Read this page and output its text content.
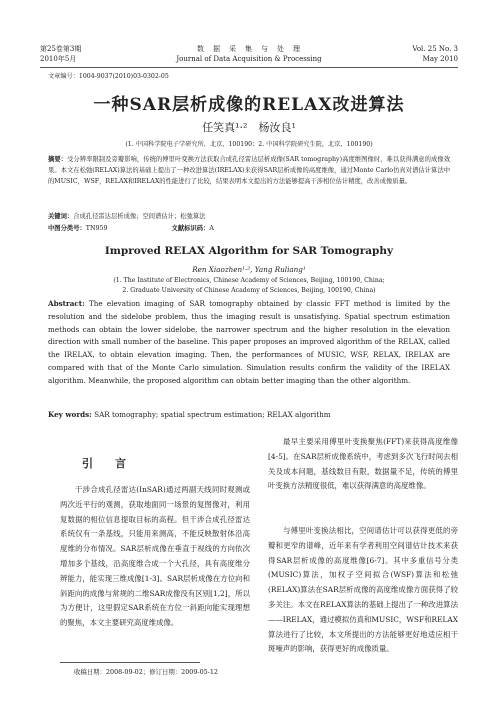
第25卷第3期
2010年5月
数　据　采　集　与　处　理
Journal of Data Acquisition & Processing
Vol. 25 No. 3
May 2010
文章编号：1004-9037(2010)03-0302-05
一种SAR层析成像的RELAX改进算法
任笑真¹·²　杨汝良¹
(1. 中国科学院电子学研究所，北京，100190；2. 中国科学院研究生院，北京，100190)
摘要：受分辨率限制及旁瓣影响，传统的傅里叶变换方法获取合成孔径雷达层析成像(SAR tomography)高度维图像时，难以获得满意的成像效果。本文在松弛(RELAX)算法的基础上提出了一种改进算法(IRELAX)来获得SAR层析成像的高度维像，通过Monte Carlo仿真对谱估计算法中的MUSIC，WSF，RELAX和IRELAX的性能进行了比较，结果表明本文提出的方法能够提高干涉相位估计精度，改善成像质量。
关键词：合成孔径雷达层析成像；空间谱估计；松弛算法
中图分类号：TN959	文献标识码：A
Improved RELAX Algorithm for SAR Tomography
Ren Xiaozhen¹·², Yang Ruliang¹
(1. The Institute of Electronics, Chinese Academy of Sciences, Beijing, 100190, China;
2. Graduate University of Chinese Academy of Sciences, Beijing, 100190, China)
Abstract: The elevation imaging of SAR tomography obtained by classic FFT method is limited by the resolution and the sidelobe problem, thus the imaging result is unsatisfying. Spatial spectrum estimation methods can obtain the lower sidelobe, the narrower spectrum and the higher resolution in the elevation direction with small number of the baseline. This paper proposes an improved algorithm of the RELAX, called the IRELAX, to obtain elevation imaging. Then, the performances of MUSIC, WSF, RELAX, IRELAX are compared with that of the Monte Carlo simulation. Simulation results confirm the validity of the IRELAX algorithm. Meanwhile, the proposed algorithm can obtain better imaging than the other algorithm.
Key words: SAR tomography; spatial spectrum estimation; RELAX algorithm
引　　言
干涉合成孔径雷达(InSAR)通过两副天线同时观测或两次近平行的观测，获取地面同一场景的复图像对，利用复数据的相位信息提取目标的高程。但干涉合成孔径雷达系统仅有一条基线，只能用来测高，不能反映散射体沿高度维的分布情况。SAR层析成像在垂直于视线的方向依次增加多个基线，沿高度维合成一个大孔径，具有高度维分辨能力，能实现三维成像[1-3]。SAR层析成像在方位向和斜距向的成像与常规的二维SAR成像没有区别[1,2]，所以为方便计，这里假定SAR系统在方位一斜距向能实现理想的聚焦，本文主要研究高度维成像。
最早主要采用傅里叶变换聚焦(FFT)来获得高度维像[4-5]。在SAR层析成像系统中，考虑到多次飞行时间去相关及成本问题，基线数目有限，数据量不足，传统的傅里叶变换方法精度很低，难以获得满意的高度维像。
与傅里叶变换法相比，空间谱估计可以获得更低的旁瓣和更窄的谱峰，近年来有学者利用空间谱估计技术来获得SAR层析成像的高度维像[6-7]。其中多重信号分类(MUSIC)算法，加权子空间拟合(WSF)算法和松弛(RELAX)算法在SAR层析成像的高度维成像方面获得了较多关注。本文在RELAX算法的基础上提出了一种改进算法——IRELAX，通过模拟仿真和MUSIC，WSF和RELAX算法进行了比较，本文所提出的方法能够更好地适应相干斑噪声的影响，获得更好的成像质量。
收稿日期：2008-09-02；修订日期：2009-05-12
